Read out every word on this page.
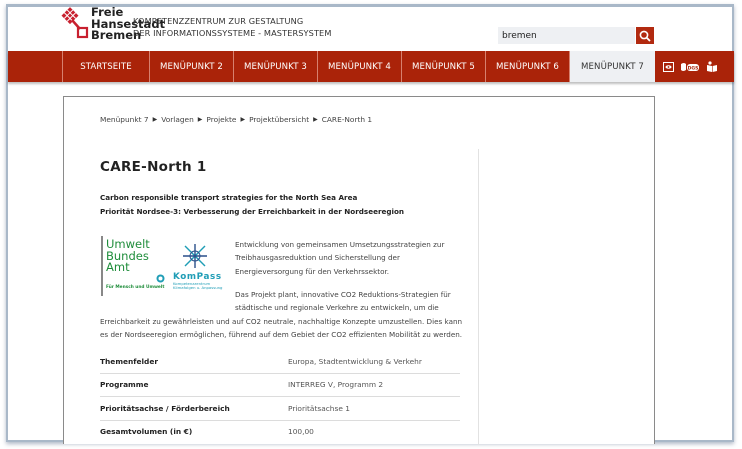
Freie
Hansestadt
Bremen
KOMPETENZZENTRUM ZUR GESTALTUNG
DER INFORMATIONSSYSTEME - MASTERSYSTEM
bremen
STARTSEITE	MENÜPUNKT 2	MENÜPUNKT 3	MENÜPUNKT 4	MENÜPUNKT 5	MENÜPUNKT 6	MENÜPUNKT 7	DGS
Menüpunkt 7 ▶ Vorlagen ▶ Projekte ▶ Projektübersicht ▶ CARE-North 1
CARE-North 1
Carbon responsible transport strategies for the North Sea Area
Priorität Nordsee-3: Verbesserung der Erreichbarkeit in der Nordseeregion
Umwelt
Bundes
Amt
Für Mensch und Umwelt
KomPass
Kompetenzzentrum
Klimafolgen u. Anpassung
Entwicklung von gemeinsamen Umsetzungsstrategien zur Treibhausgasreduktion und Sicherstellung der Energieversorgung für den Verkehrssektor.
Das Projekt plant, innovative CO2 Reduktions-Strategien für städtische und regionale Verkehre zu entwickeln, um die
Erreichbarkeit zu gewährleisten und auf CO2 neutrale, nachhaltige Konzepte umzustellen. Dies kann es der Nordseeregion ermöglichen, führend auf dem Gebiet der CO2 effizienten Mobilität zu werden.
Themenfelder	Europa, Stadtentwicklung & Verkehr
Programme	INTERREG V, Programm 2
Prioritätsachse / Förderbereich	Prioritätsachse 1
Gesamtvolumen (in €)	100,00
